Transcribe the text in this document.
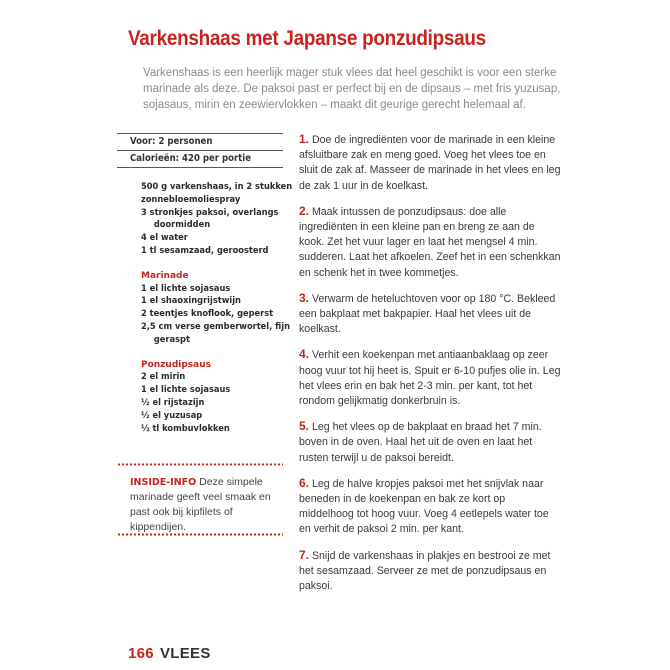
Varkenshaas met Japanse ponzudipsaus

Varkenshaas is een heerlijk mager stuk vlees dat heel geschikt is voor een sterke marinade als deze. De paksoi past er perfect bij en de dipsaus – met fris yuzusap, sojasaus, mirin en zeewiervlokken – maakt dit geurige gerecht helemaal af.

Voor: 2 personen
Calorieën: 420 per portie
500 g varkenshaas, in 2 stukken
zonnebloemoliespray
3 stronkjes paksoi, overlangs
doormidden
4 el water
1 tl sesamzaad, geroosterd
Marinade
1 el lichte sojasaus
1 el shaoxingrijstwijn
2 teentjes knoflook, geperst
2,5 cm verse gemberwortel, fijn
geraspt
Ponzudipsaus
2 el mirin
1 el lichte sojasaus
½ el rijstazijn
½ el yuzusap
½ tl kombuvlokken
INSIDE-INFO Deze simpele marinade geeft veel smaak en past ook bij kipfilets of kippendijen.

1. Doe de ingrediënten voor de marinade in een kleine afsluitbare zak en meng goed. Voeg het vlees toe en sluit de zak af. Masseer de marinade in het vlees en leg de zak 1 uur in de koelkast.

2. Maak intussen de ponzudipsaus: doe alle ingrediënten in een kleine pan en breng ze aan de kook. Zet het vuur lager en laat het mengsel 4 min. sudderen. Laat het afkoelen. Zeef het in een schenkkan en schenk het in twee kommetjes.

3. Verwarm de heteluchtoven voor op 180 °C. Bekleed een bakplaat met bakpapier. Haal het vlees uit de koelkast.

4. Verhit een koekenpan met antiaanbaklaag op zeer hoog vuur tot hij heet is. Spuit er 6-10 pufjes olie in. Leg het vlees erin en bak het 2-3 min. per kant, tot het rondom gelijkmatig donkerbruin is.

5. Leg het vlees op de bakplaat en braad het 7 min. boven in de oven. Haal het uit de oven en laat het rusten terwijl u de paksoi bereidt.

6. Leg de halve kropjes paksoi met het snijvlak naar beneden in de koekenpan en bak ze kort op middelhoog tot hoog vuur. Voeg 4 eetlepels water toe en verhit de paksoi 2 min. per kant.

7. Snijd de varkenshaas in plakjes en bestrooi ze met het sesamzaad. Serveer ze met de ponzudipsaus en paksoi.

166 VLEES
